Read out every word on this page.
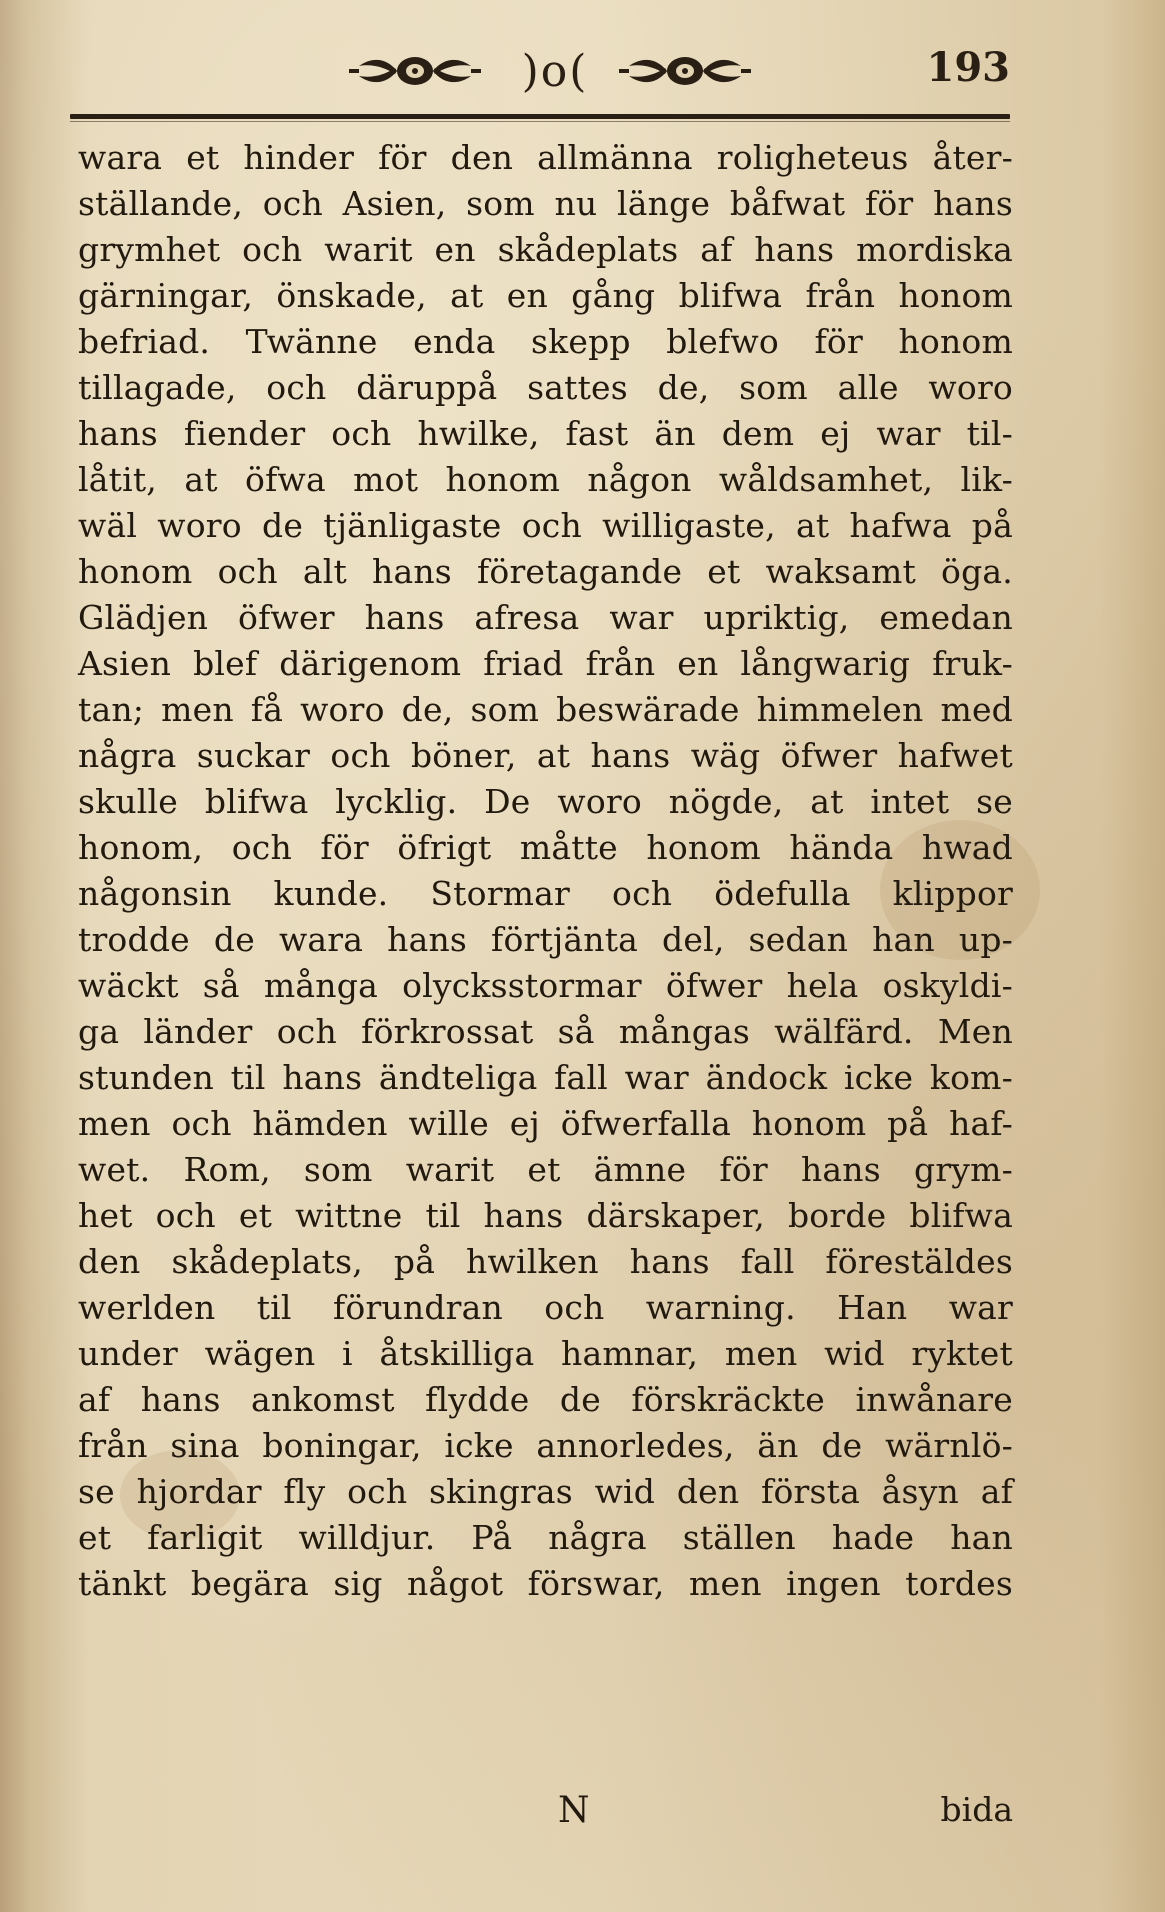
)o(	193
wara et hinder för den allmänna roligheteus åter-
ställande, och Asien, som nu länge båfwat för hans
grymhet och warit en skådeplats af hans mordiska
gärningar, önskade, at en gång blifwa från honom
befriad. Twänne enda skepp blefwo för honom
tillagade, och däruppå sattes de, som alle woro
hans fiender och hwilke, fast än dem ej war til-
låtit, at öfwa mot honom någon wåldsamhet, lik-
wäl woro de tjänligaste och willigaste, at hafwa på
honom och alt hans företagande et waksamt öga.
Glädjen öfwer hans afresa war upriktig, emedan
Asien blef därigenom friad från en långwarig fruk-
tan; men få woro de, som beswärade himmelen med
några suckar och böner, at hans wäg öfwer hafwet
skulle blifwa lycklig. De woro nögde, at intet se
honom, och för öfrigt måtte honom hända hwad
någonsin kunde. Stormar och ödefulla klippor
trodde de wara hans förtjänta del, sedan han up-
wäckt så många olycksstormar öfwer hela oskyldi-
ga länder och förkrossat så mångas wälfärd. Men
stunden til hans ändteliga fall war ändock icke kom-
men och hämden wille ej öfwerfalla honom på haf-
wet. Rom, som warit et ämne för hans grym-
het och et wittne til hans därskaper, borde blifwa
den skådeplats, på hwilken hans fall förestäldes
werlden til förundran och warning. Han war
under wägen i åtskilliga hamnar, men wid ryktet
af hans ankomst flydde de förskräckte inwånare
från sina boningar, icke annorledes, än de wärnlö-
se hjordar fly och skingras wid den första åsyn af
et farligit willdjur. På några ställen hade han
tänkt begära sig något förswar, men ingen tordes
N	bida
